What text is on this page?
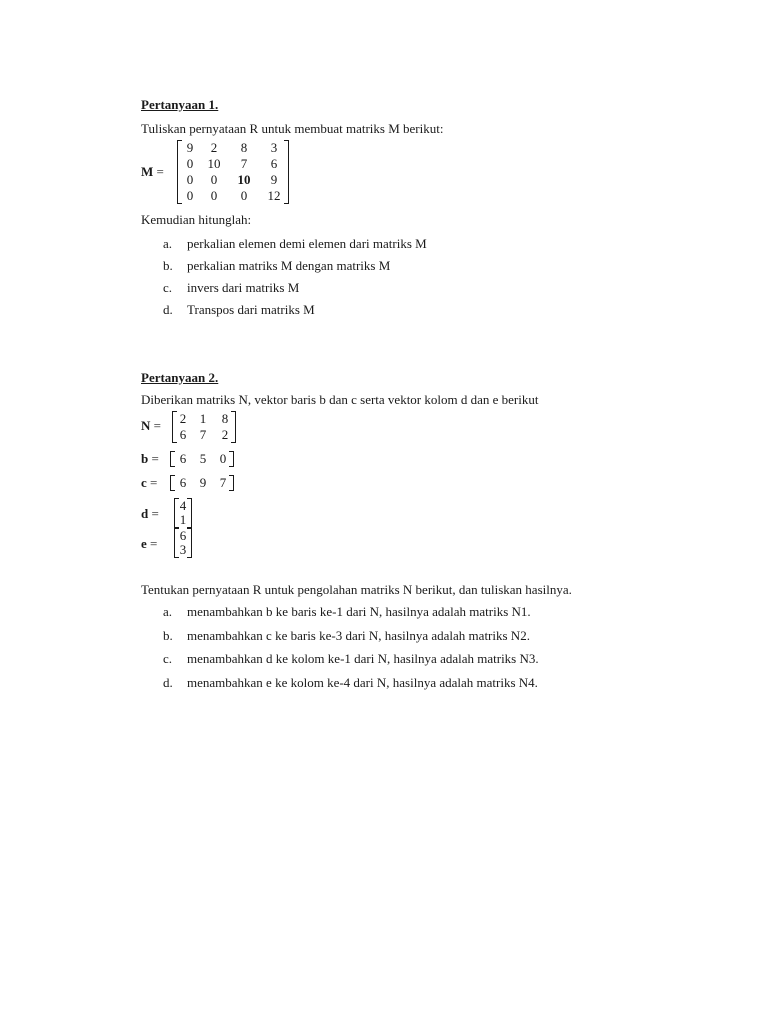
Pertanyaan 1.
Tuliskan pernyataan R untuk membuat matriks M berikut:
M =
9	2	8	3
0	10	7	6
0	0	10	9
0	0	0	12
Kemudian hitunglah:
a. perkalian elemen demi elemen dari matriks M
b. perkalian matriks M dengan matriks M
c. invers dari matriks M
d. Transpos dari matriks M
Pertanyaan 2.
Diberikan matriks N, vektor baris b dan c serta vektor kolom d dan e berikut
N =	2	1	8
6	7	2
b =	6	5	0
c =	6	9	7
d =
4
1
e =
6
3
Tentukan pernyataan R untuk pengolahan matriks N berikut, dan tuliskan hasilnya.
a. menambahkan b ke baris ke-1 dari N, hasilnya adalah matriks N1.
b. menambahkan c ke baris ke-3 dari N, hasilnya adalah matriks N2.
c. menambahkan d ke kolom ke-1 dari N, hasilnya adalah matriks N3.
d. menambahkan e ke kolom ke-4 dari N, hasilnya adalah matriks N4.
